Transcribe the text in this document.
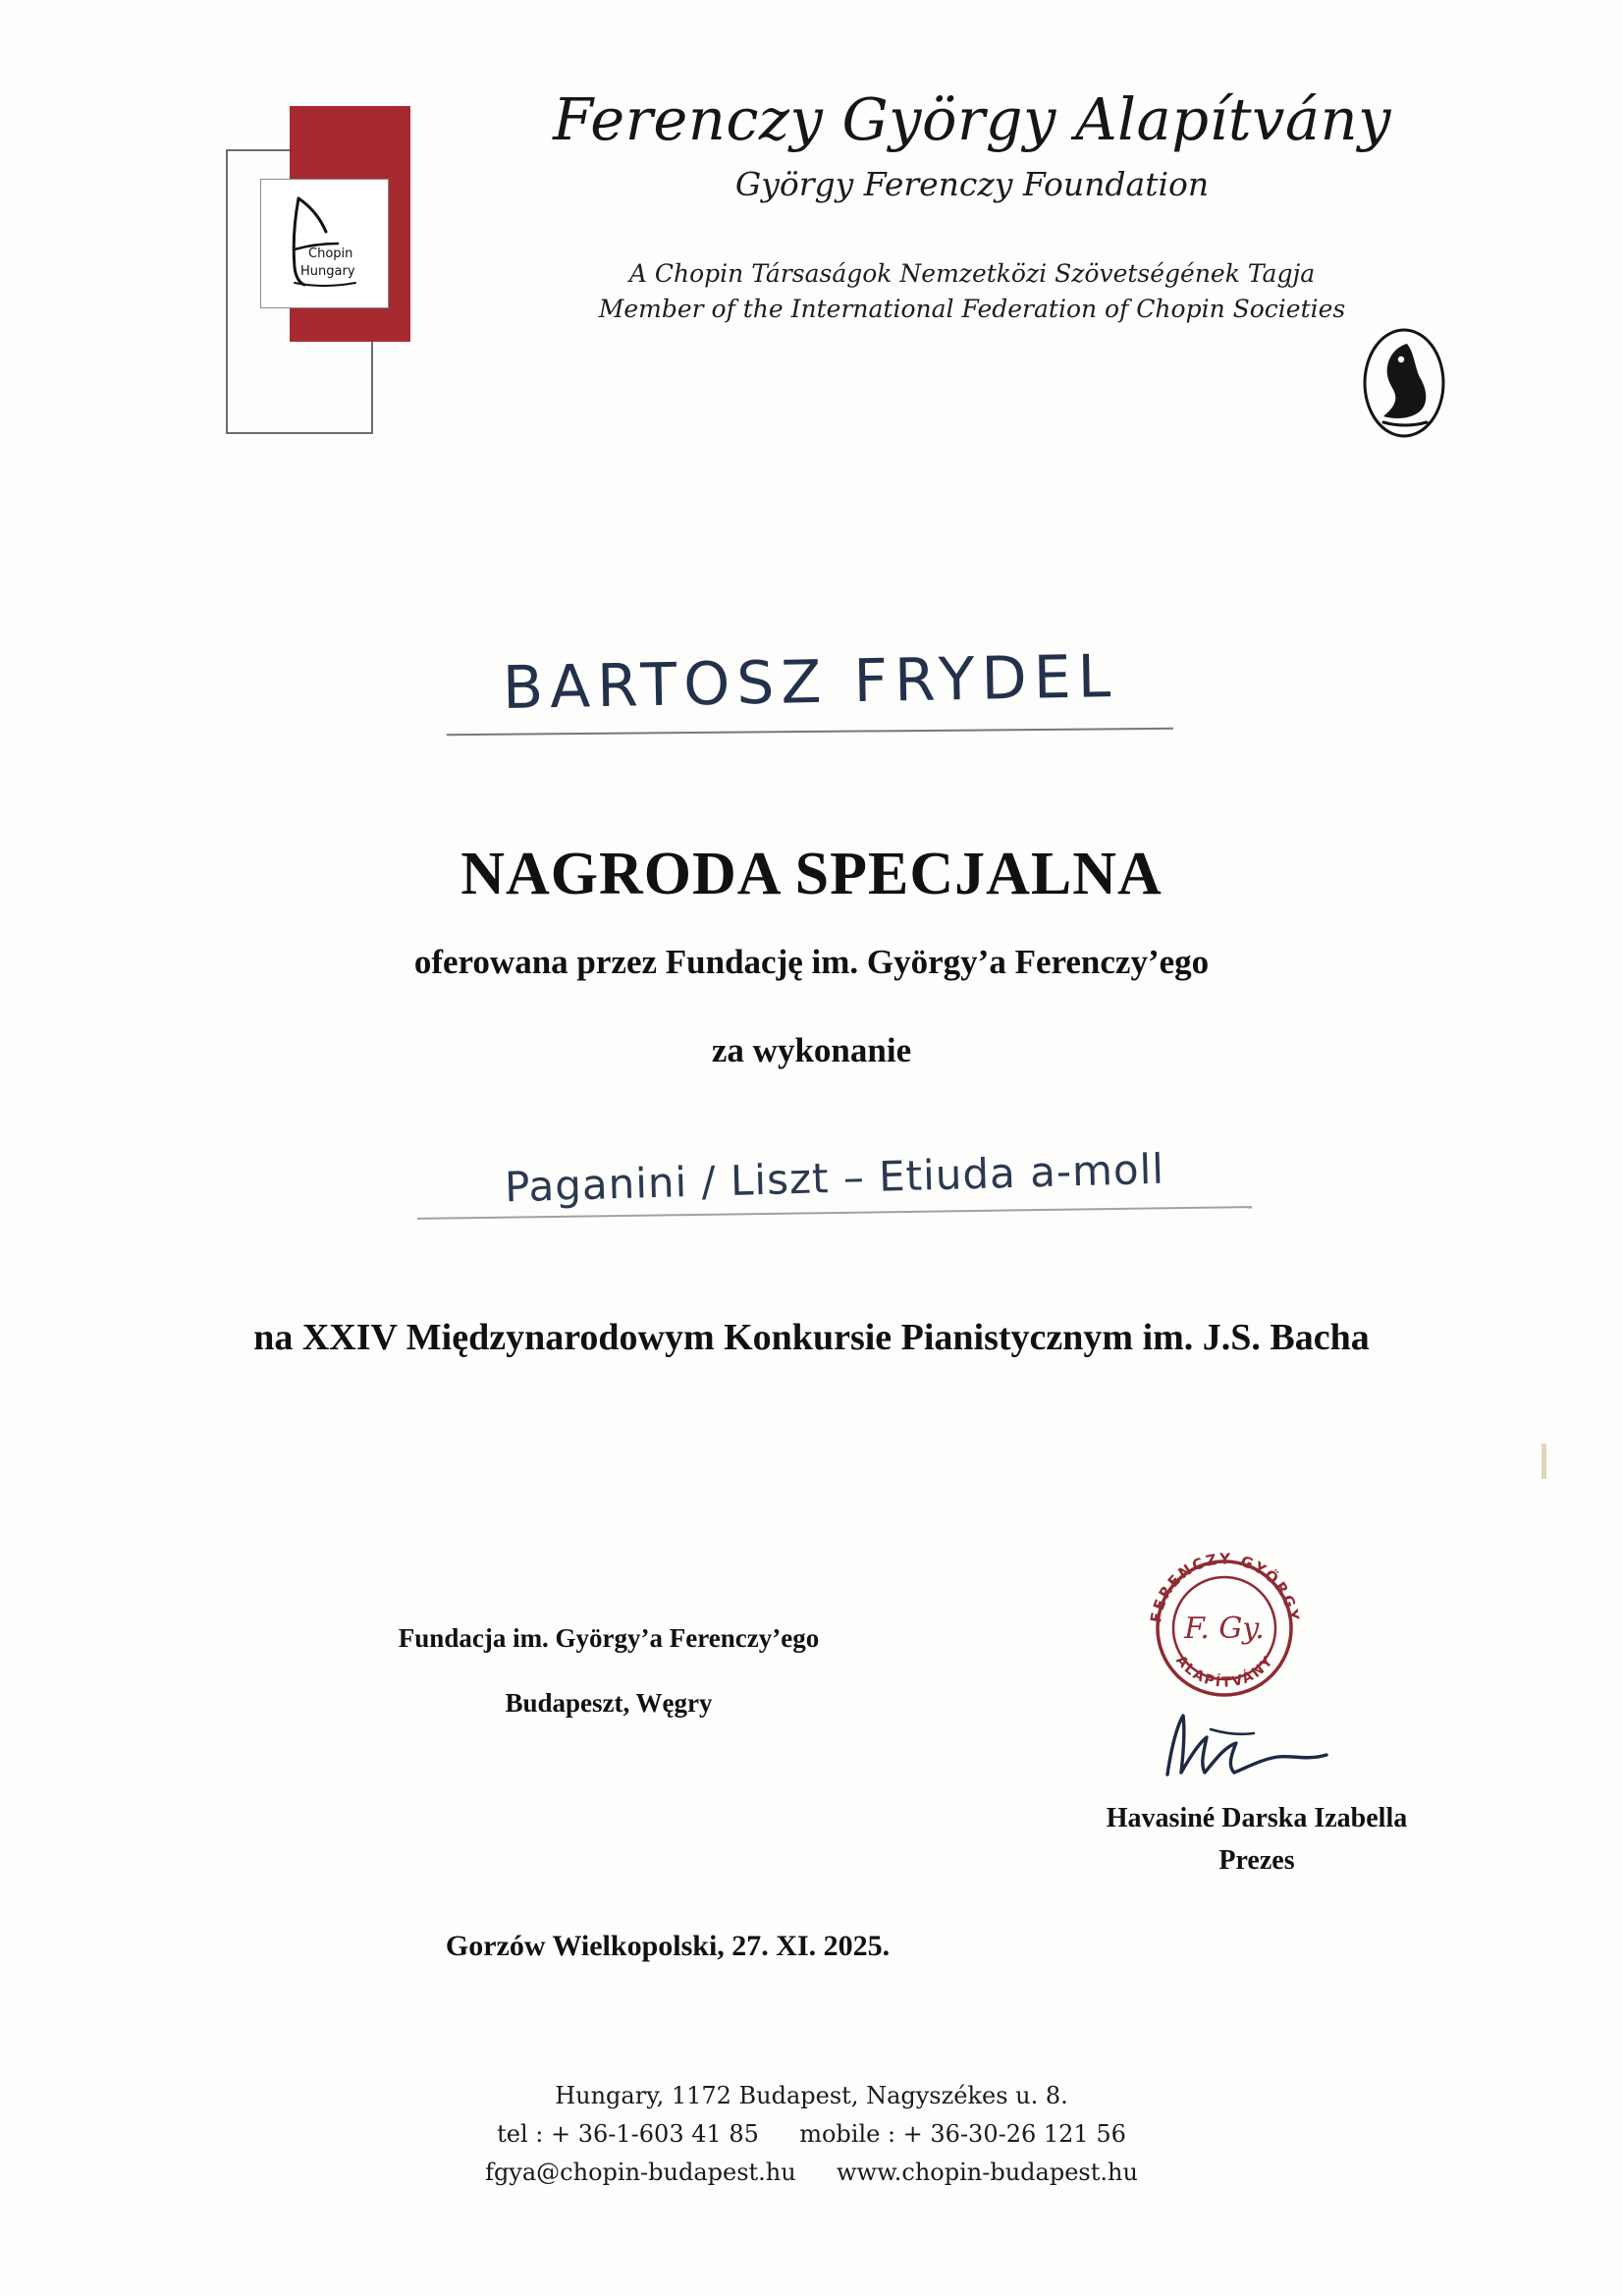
Chopin
Hungary
Ferenczy György Alapítvány
György Ferenczy Foundation
A Chopin Társaságok Nemzetközi Szövetségének Tagja
Member of the International Federation of Chopin Societies
BARTOSZ FRYDEL
NAGRODA SPECJALNA
oferowana przez Fundację im. György’a Ferenczy’ego
za wykonanie
Paganini / Liszt – Etiuda a-moll
na XXIV Międzynarodowym Konkursie Pianistycznym im. J.S. Bacha
Fundacja im. György’a Ferenczy’ego
Budapeszt, Węgry
FERENCZY GYÖRGY
ALAPÍTVÁNY
F. Gy.
Havasiné Darska Izabella
Prezes
Gorzów Wielkopolski, 27. XI. 2025.
Hungary, 1172 Budapest, Nagyszékes u. 8.
tel : + 36-1-603 41 85 mobile : + 36-30-26 121 56
fgya@chopin-budapest.hu www.chopin-budapest.hu
